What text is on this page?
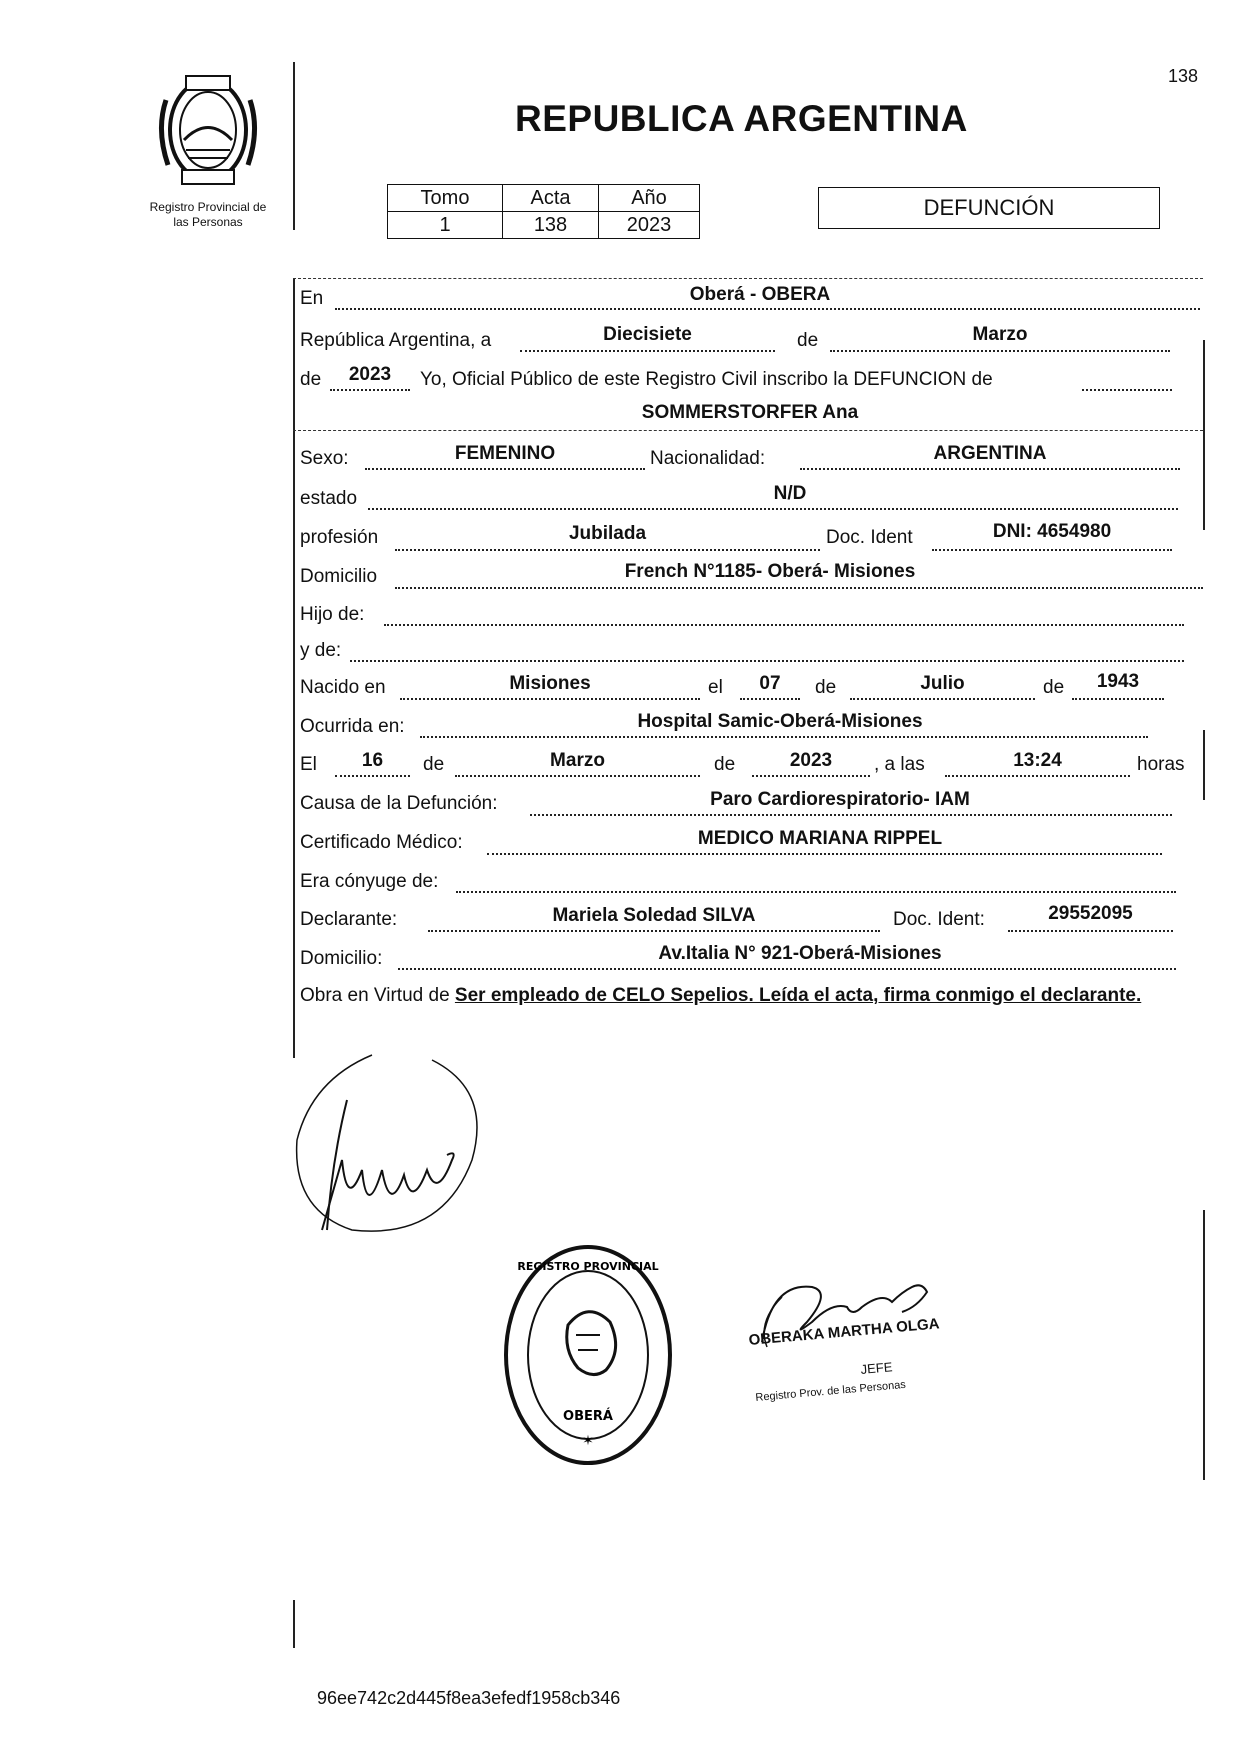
138
Registro Provincial de
las Personas
REPUBLICA ARGENTINA
Tomo	Acta	Año
1	138	2023
DEFUNCIÓN
En	Oberá - OBERA
República Argentina, a	Diecisiete	de	Marzo
de	2023	Yo, Oficial Público de este Registro Civil inscribo la DEFUNCION de
SOMMERSTORFER Ana
Sexo:	FEMENINO	Nacionalidad:	ARGENTINA
estado	N/D
profesión	Jubilada	Doc. Ident	DNI: 4654980
Domicilio	French N°1185- Oberá- Misiones
Hijo de:
y de:
Nacido en	Misiones	el	07	de	Julio	de	1943
Ocurrida en:	Hospital Samic-Oberá-Misiones
El	16	de	Marzo	de	2023	, a las	13:24	horas
Causa de la Defunción:	Paro Cardiorespiratorio- IAM
Certificado Médico:	MEDICO MARIANA RIPPEL
Era cónyuge de:
Declarante:	Mariela Soledad SILVA	Doc. Ident:	29552095
Domicilio:	Av.Italia N° 921-Oberá-Misiones
Obra en Virtud de Ser empleado de CELO Sepelios. Leída el acta, firma conmigo el declarante.
REGISTRO PROVINCIAL
OBERÁ
✶
OBERAKA MARTHA OLGA
JEFE
Registro Prov. de las Personas
96ee742c2d445f8ea3efedf1958cb346
